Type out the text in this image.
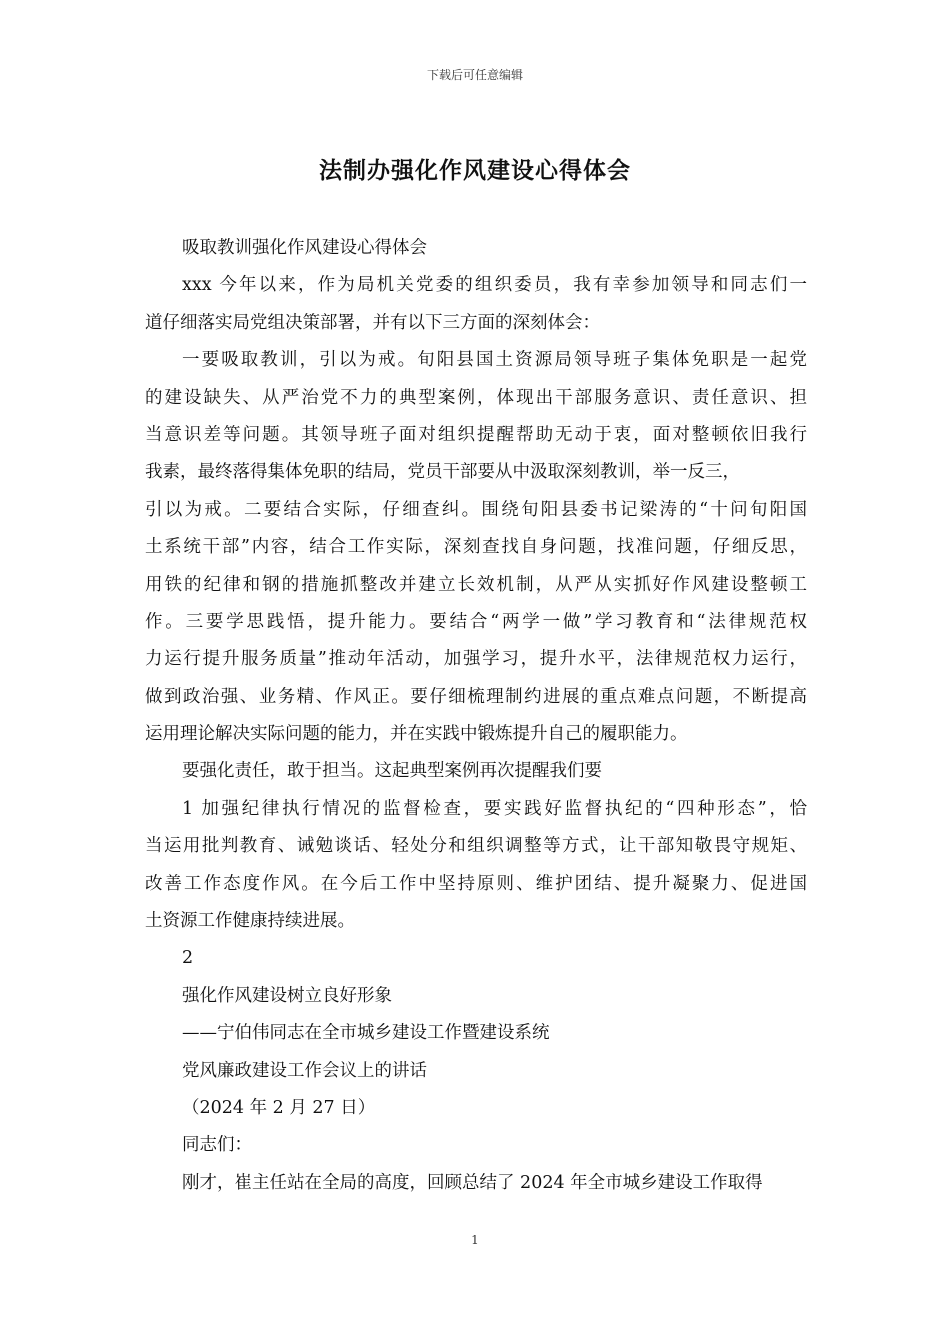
下载后可任意编辑
法制办强化作风建设心得体会
吸取教训强化作风建设心得体会
xxx 今年以来，作为局机关党委的组织委员，我有幸参加领导和同志们一
道仔细落实局党组决策部署，并有以下三方面的深刻体会：
一要吸取教训，引以为戒。旬阳县国土资源局领导班子集体免职是一起党
的建设缺失、从严治党不力的典型案例，体现出干部服务意识、责任意识、担
当意识差等问题。其领导班子面对组织提醒帮助无动于衷，面对整顿依旧我行
我素，最终落得集体免职的结局，党员干部要从中汲取深刻教训，举一反三，
引以为戒。二要结合实际，仔细查纠。围绕旬阳县委书记梁涛的“十问旬阳国
土系统干部”内容，结合工作实际，深刻查找自身问题，找准问题，仔细反思，
用铁的纪律和钢的措施抓整改并建立长效机制，从严从实抓好作风建设整顿工
作。三要学思践悟，提升能力。要结合“两学一做”学习教育和“法律规范权
力运行提升服务质量”推动年活动，加强学习，提升水平，法律规范权力运行，
做到政治强、业务精、作风正。要仔细梳理制约进展的重点难点问题，不断提高
运用理论解决实际问题的能力，并在实践中锻炼提升自己的履职能力。
要强化责任，敢于担当。这起典型案例再次提醒我们要
1 加强纪律执行情况的监督检查，要实践好监督执纪的“四种形态”，恰
当运用批判教育、诫勉谈话、轻处分和组织调整等方式，让干部知敬畏守规矩、
改善工作态度作风。在今后工作中坚持原则、维护团结、提升凝聚力、促进国
土资源工作健康持续进展。
2
强化作风建设树立良好形象
——宁伯伟同志在全市城乡建设工作暨建设系统
党风廉政建设工作会议上的讲话
（2024 年 2 月 27 日）
同志们：
刚才，崔主任站在全局的高度，回顾总结了 2024 年全市城乡建设工作取得
1
